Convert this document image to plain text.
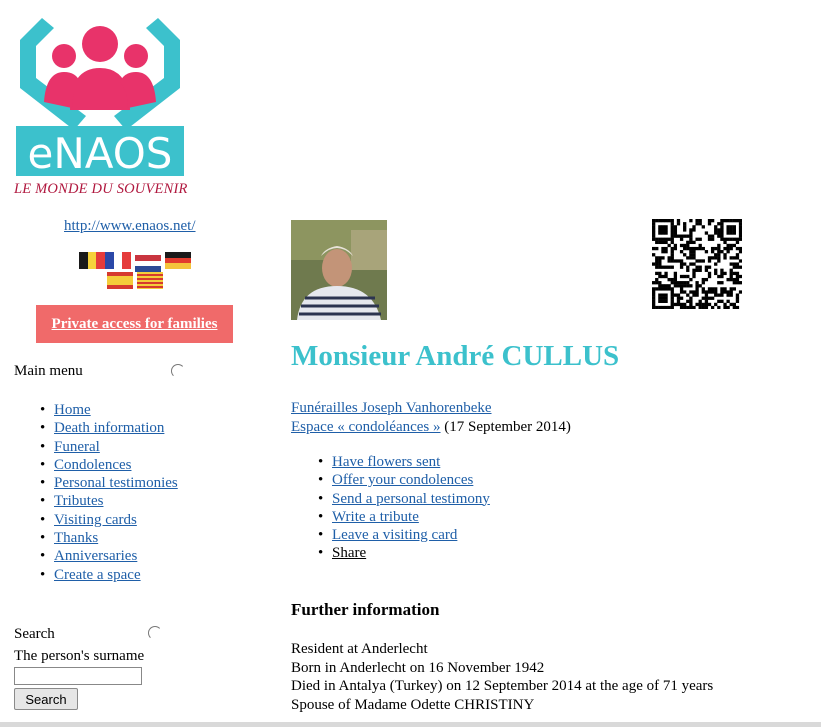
eNAOS
LE MONDE DU SOUVENIR
http://www.enaos.net/
Private access for families
Main menu
• Home
• Death information
• Funeral
• Condolences
• Personal testimonies
• Tributes
• Visiting cards
• Thanks
• Anniversaries
• Create a space
Search
The person's surname
Search
Monsieur André CULLUS
Funérailles Joseph Vanhorenbeke
Espace « condoléances » (17 September 2014)
• Have flowers sent
• Offer your condolences
• Send a personal testimony
• Write a tribute
• Leave a visiting card
• Share
Further information
Resident at Anderlecht
Born in Anderlecht on 16 November 1942
Died in Antalya (Turkey) on 12 September 2014 at the age of 71 years
Spouse of Madame Odette CHRISTINY
